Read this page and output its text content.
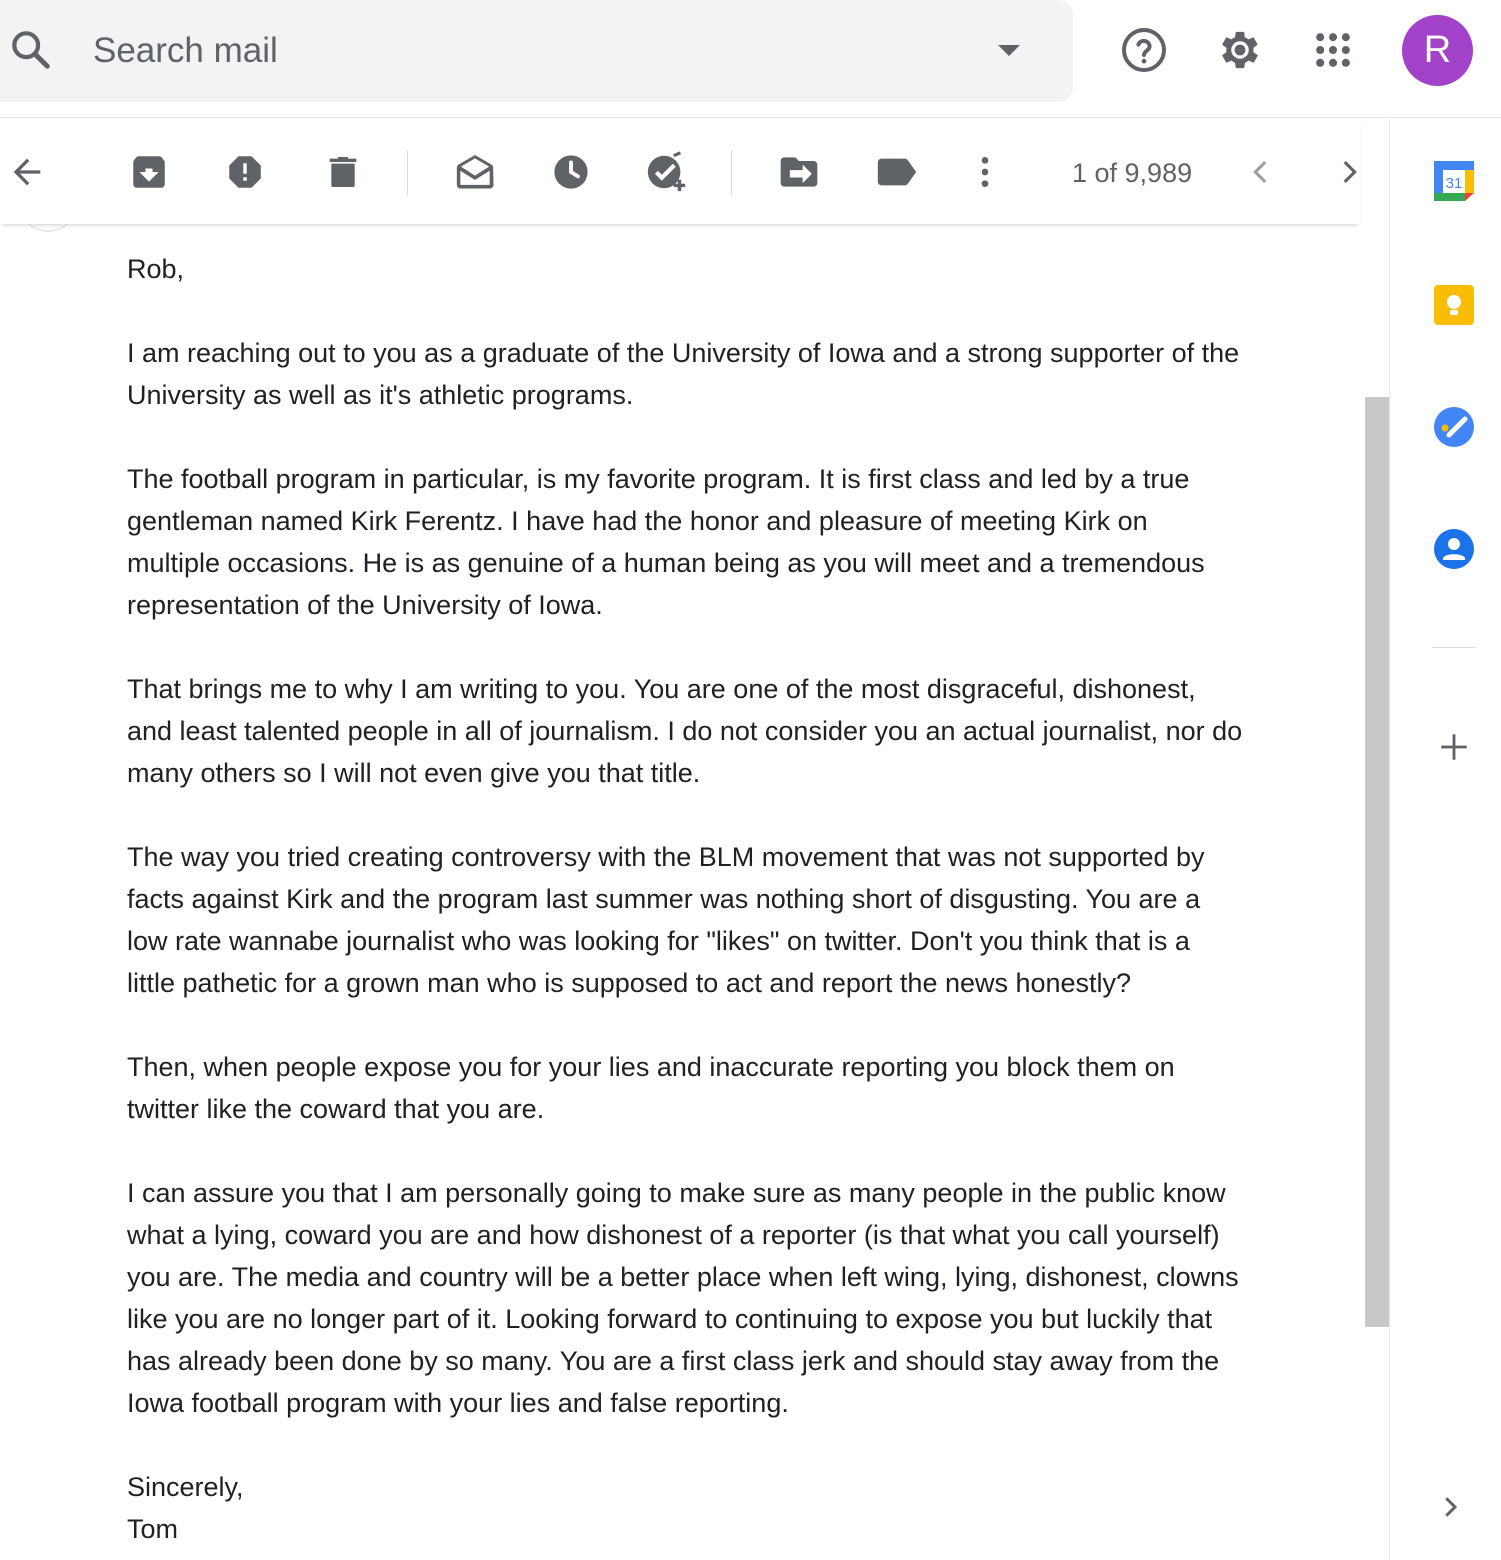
Search mail	R
1 of 9,989	31

Rob,

I am reaching out to you as a graduate of the University of Iowa and a strong supporter of the
University as well as it's athletic programs.

The football program in particular, is my favorite program. It is first class and led by a true
gentleman named Kirk Ferentz. I have had the honor and pleasure of meeting Kirk on
multiple occasions. He is as genuine of a human being as you will meet and a tremendous
representation of the University of Iowa.

That brings me to why I am writing to you. You are one of the most disgraceful, dishonest,
and least talented people in all of journalism. I do not consider you an actual journalist, nor do
many others so I will not even give you that title.

The way you tried creating controversy with the BLM movement that was not supported by
facts against Kirk and the program last summer was nothing short of disgusting. You are a
low rate wannabe journalist who was looking for "likes" on twitter. Don't you think that is a
little pathetic for a grown man who is supposed to act and report the news honestly?

Then, when people expose you for your lies and inaccurate reporting you block them on
twitter like the coward that you are.

I can assure you that I am personally going to make sure as many people in the public know
what a lying, coward you are and how dishonest of a reporter (is that what you call yourself)
you are. The media and country will be a better place when left wing, lying, dishonest, clowns
like you are no longer part of it. Looking forward to continuing to expose you but luckily that
has already been done by so many. You are a first class jerk and should stay away from the
Iowa football program with your lies and false reporting.

Sincerely,

Tom
